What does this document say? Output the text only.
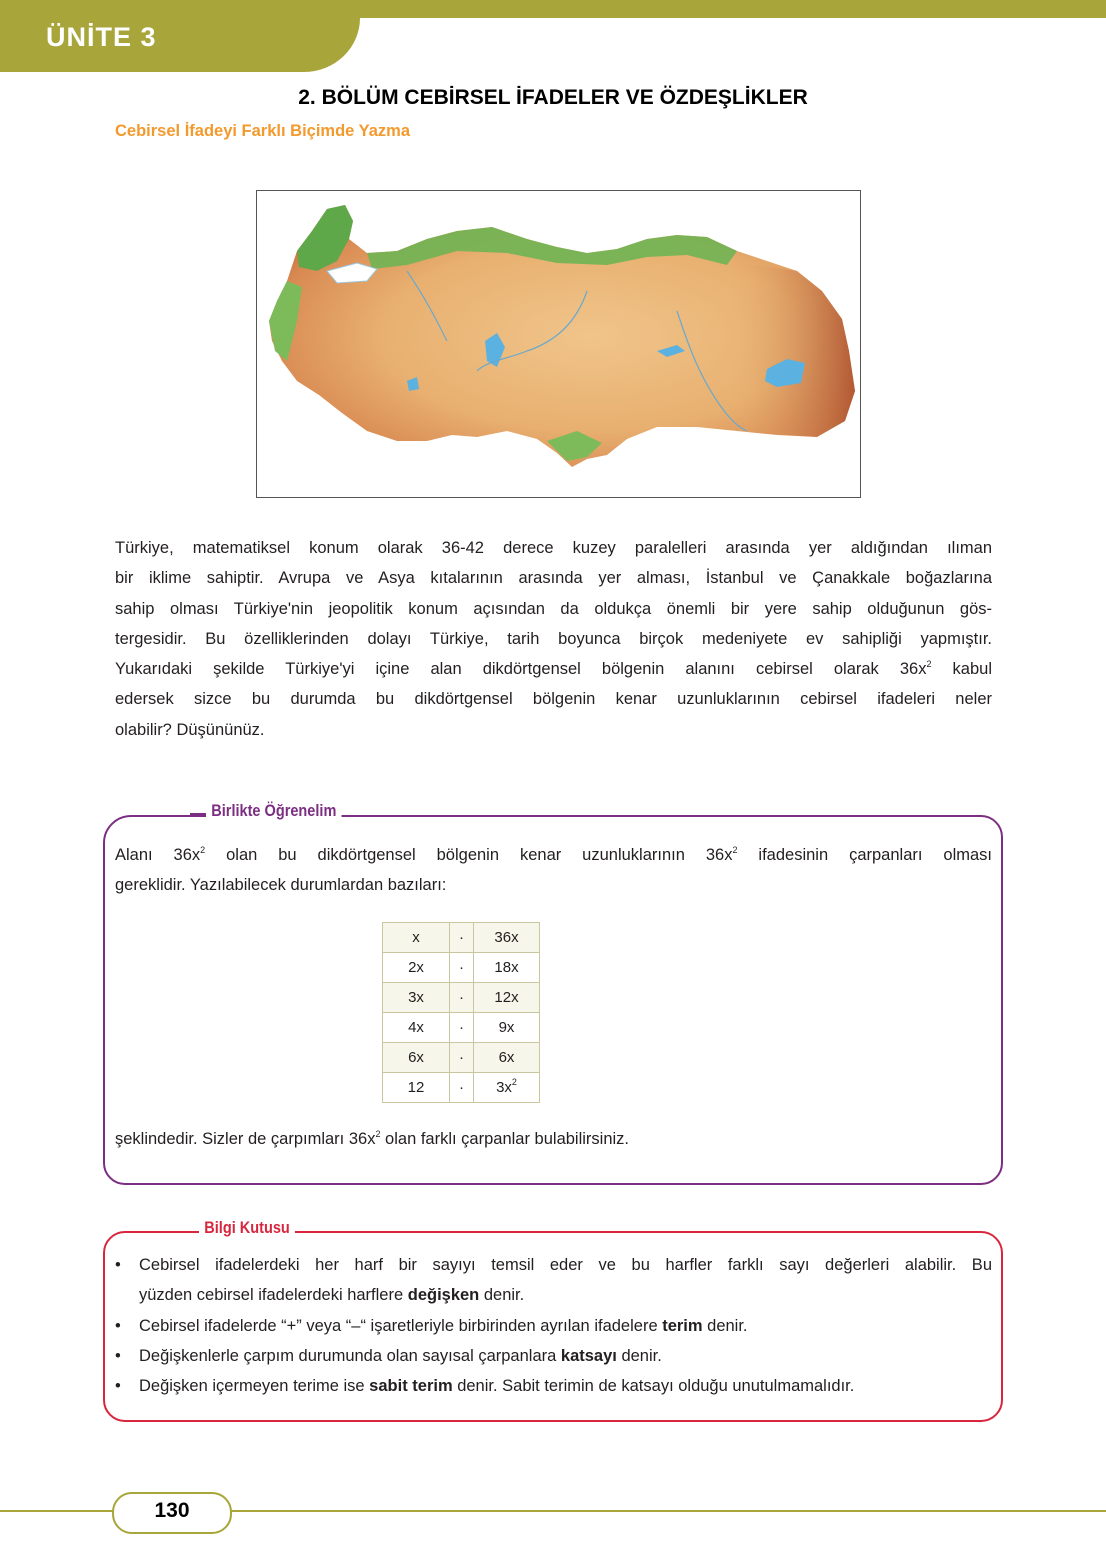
ÜNİTE 3
2. BÖLÜM CEBİRSEL İFADELER VE ÖZDEŞLİKLER
Cebirsel İfadeyi Farklı Biçimde Yazma
Türkiye, matematiksel konum olarak 36-42 derece kuzey paralelleri arasında yer aldığından ılıman
bir iklime sahiptir. Avrupa ve Asya kıtalarının arasında yer alması, İstanbul ve Çanakkale boğazlarına
sahip olması Türkiye'nin jeopolitik konum açısından da oldukça önemli bir yere sahip olduğunun gös-
tergesidir. Bu özelliklerinden dolayı Türkiye, tarih boyunca birçok medeniyete ev sahipliği yapmıştır.
Yukarıdaki şekilde Türkiye'yi içine alan dikdörtgensel bölgenin alanını cebirsel olarak $36x^2$ kabul
edersek sizce bu durumda bu dikdörtgensel bölgenin kenar uzunluklarının cebirsel ifadeleri neler
olabilir? Düşününüz.
Birlikte Öğrenelim
Alanı $36x^2$ olan bu dikdörtgensel bölgenin kenar uzunluklarının $36x^2$ ifadesinin çarpanları olması
gereklidir. Yazılabilecek durumlardan bazıları:
x	·	36x
2x	·	18x
3x	·	12x
4x	·	9x
6x	·	6x
12	·	$3x^2$
şeklindedir. Sizler de çarpımları $36x^2$ olan farklı çarpanlar bulabilirsiniz.
Bilgi Kutusu
• Cebirsel ifadelerdeki her harf bir sayıyı temsil eder ve bu harfler farklı sayı değerleri alabilir. Bu
yüzden cebirsel ifadelerdeki harflere değişken denir.
• Cebirsel ifadelerde “+” veya “–“ işaretleriyle birbirinden ayrılan ifadelere terim denir.
• Değişkenlerle çarpım durumunda olan sayısal çarpanlara katsayı denir.
• Değişken içermeyen terime ise sabit terim denir. Sabit terimin de katsayı olduğu unutulmamalıdır.
130
